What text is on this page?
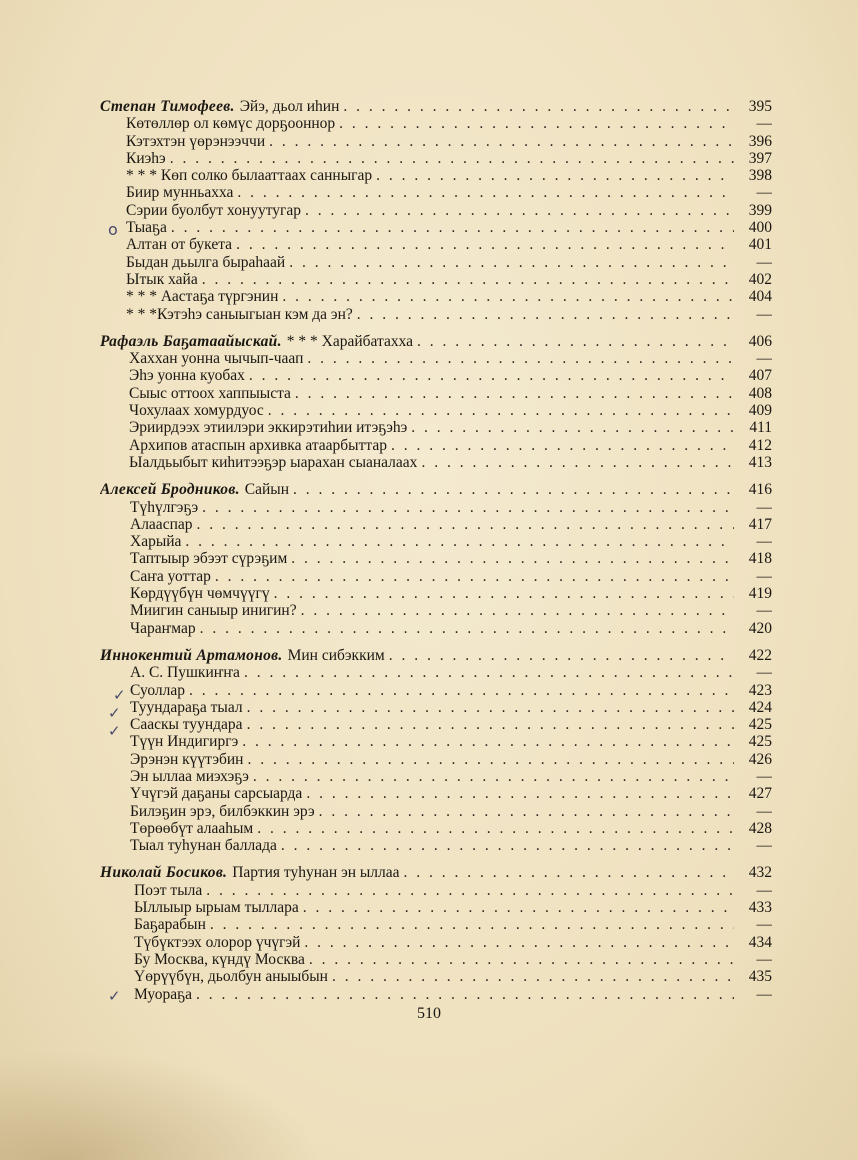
Степан Тимофеев. Эйэ, дьол иhин . . .	395
Көтөллөр ол көмүс дорҕооннор . . .	—
Кэтэхтэн үөрэнээччи . . .	396
Киэhэ . . .	397
* * * Көп солко былааттаах санныгар . . .	398
Биир мунньахха . . .	—
Сэрии буолбут хонуутугар . . .	399
Тыаҕа . . .	400
Алтан от букета . . .	401
Быдан дьылга быраhаай . . .	—
Ытык хайа . . .	402
* * * Аастаҕа түргэнин . . .	404
* * *Кэтэhэ саныыгыан кэм да эн? . . .	—
Рафаэль Баҕатаайыскай. * * * Харайбатахха . . .	406
Хаххан уонна чычып-чаап . . .	—
Эhэ уонна куобах . . .	407
Сыыс оттоох хаппыыста . . .	408
Чохулаах хомурдуос . . .	409
Эриирдээх этиилэри эккирэтиhии итэҕэhэ . . .	411
Архипов атаспын архивка атаарбыттар . . .	412
Ыалдьыбыт киhитээҕэр ыарахан сыаналаах . . .	413
Алексей Бродников. Сайын . . .	416
Түhүлгэҕэ . . .	—
Алааспар . . .	417
Харыйа . . .	—
Таптыыр эбээт сүрэҕим . . .	418
Саҥа уоттар . . .	—
Көрдүүбүн чөмчүүгү . . .	419
Миигин саныыр инигин? . . .	—
Чараҥмар . . .	420
Иннокентий Артамонов. Мин сибэкким . . .	422
А. С. Пушкиҥҥа . . .	—
Суоллар . . .	423
Туундараҕа тыал . . .	424
Сааскы туундара . . .	425
Түүн Индигиргэ . . .	425
Эрэнэн күүтэбин . . .	426
Эн ыллаа миэхэҕэ . . .	—
Үчүгэй даҕаны сарсыарда . . .	427
Билэҕин эрэ, билбэккин эрэ . . .	—
Төрөөбүт алааhым . . .	428
Тыал туhунан баллада . . .	—
Николай Босиков. Партия туhунан эн ыллаа . . .	432
Поэт тыла . . .	—
Ыллыыр ырыам тыллара . . .	433
Баҕарабын . . .	—
Түбүктээх олорор үчүгэй . . .	434
Бу Москва, күндү Москва . . .	—
Үөрүүбүн, дьолбун аныыбын . . .	435
Муораҕа . . .	—
510
o
✓
✓
✓
✓
